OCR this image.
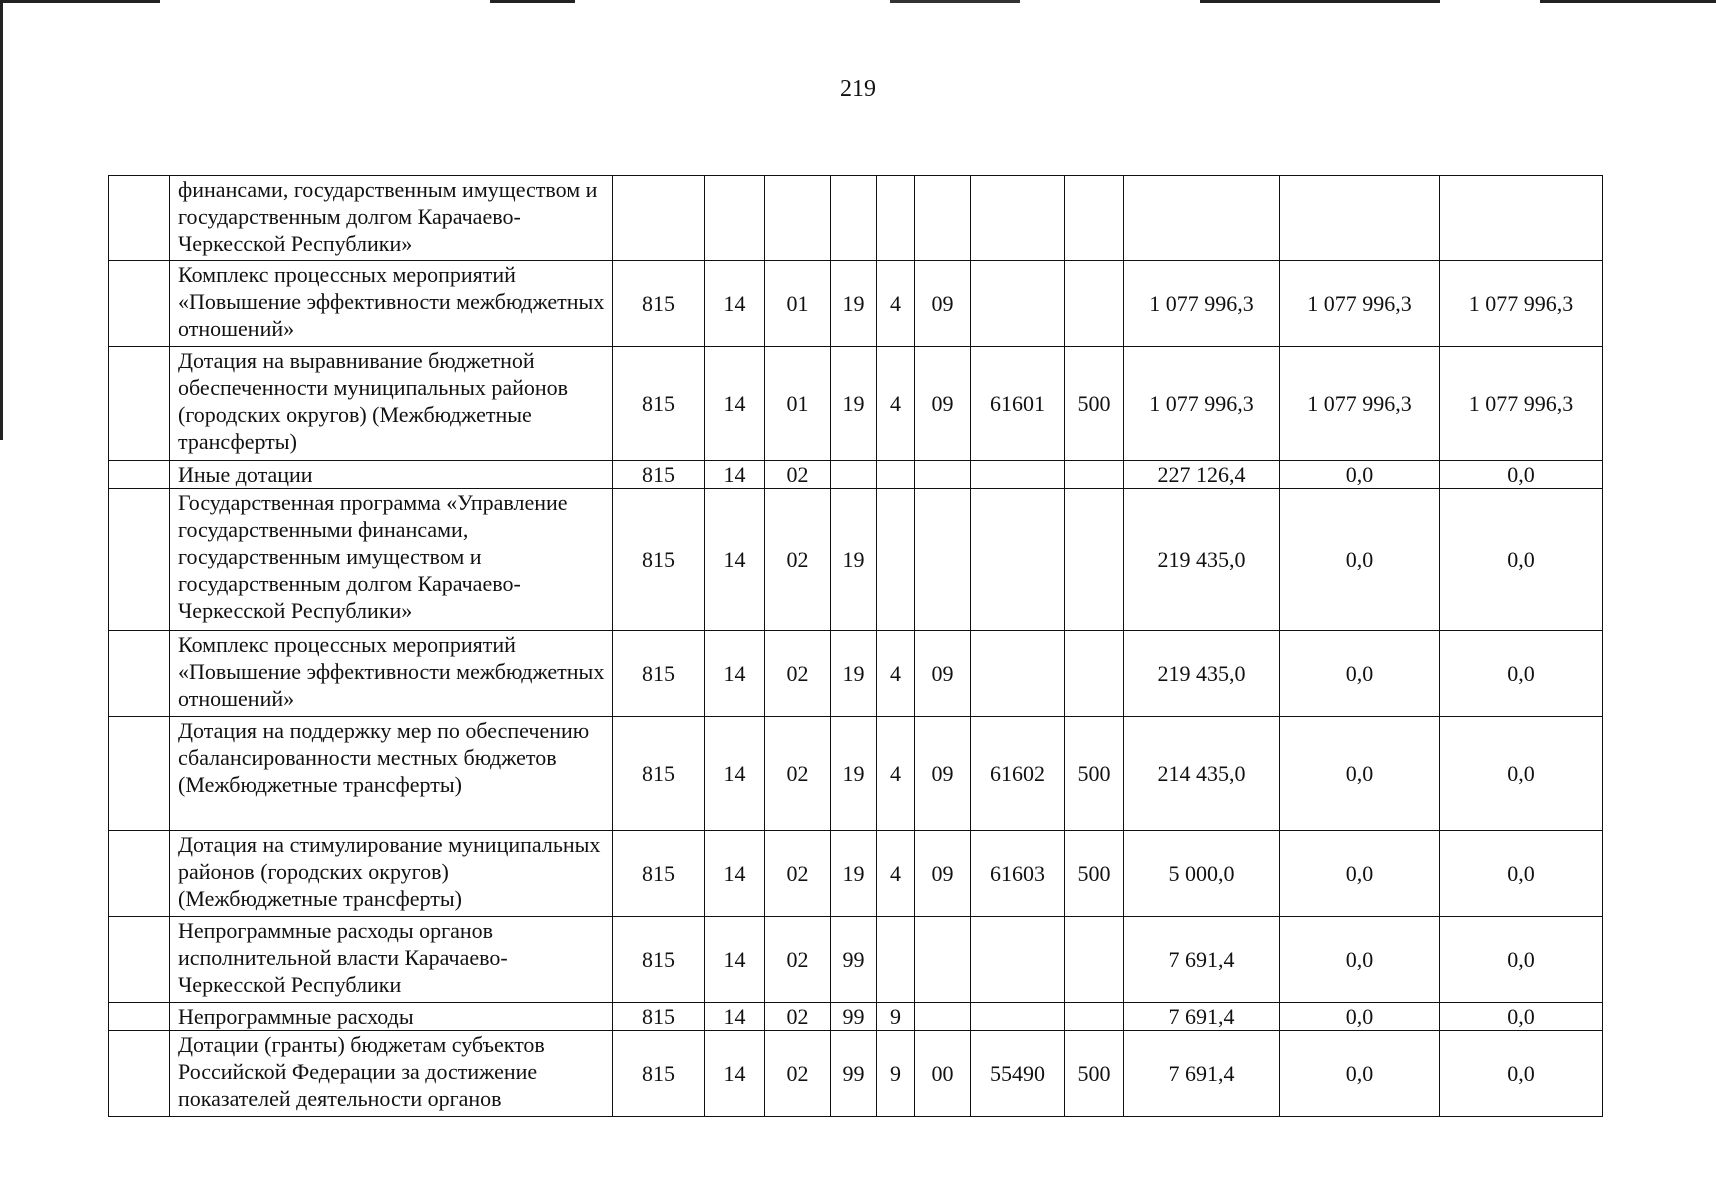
219
	финансами, государственным имуществом и государственным долгом Карачаево-Черкесской Республики»											
	Комплекс процессных мероприятий «Повышение эффективности межбюджетных отношений»	815	14	01	19	4	09			1 077 996,3	1 077 996,3	1 077 996,3
	Дотация на выравнивание бюджетной обеспеченности муниципальных районов (городских округов) (Межбюджетные трансферты)	815	14	01	19	4	09	61601	500	1 077 996,3	1 077 996,3	1 077 996,3
	Иные дотации	815	14	02						227 126,4	0,0	0,0
	Государственная программа «Управление государственными финансами, государственным имуществом и государственным долгом Карачаево-Черкесской Республики»	815	14	02	19					219 435,0	0,0	0,0
	Комплекс процессных мероприятий «Повышение эффективности межбюджетных отношений»	815	14	02	19	4	09			219 435,0	0,0	0,0
	Дотация на поддержку мер по обеспечению сбалансированности местных бюджетов (Межбюджетные трансферты)	815	14	02	19	4	09	61602	500	214 435,0	0,0	0,0
	Дотация на стимулирование муниципальных районов (городских округов) (Межбюджетные трансферты)	815	14	02	19	4	09	61603	500	5 000,0	0,0	0,0
	Непрограммные расходы органов исполнительной власти Карачаево-Черкесской Республики	815	14	02	99					7 691,4	0,0	0,0
	Непрограммные расходы	815	14	02	99	9				7 691,4	0,0	0,0
	Дотации (гранты) бюджетам субъектов Российской Федерации за достижение показателей деятельности органов	815	14	02	99	9	00	55490	500	7 691,4	0,0	0,0
